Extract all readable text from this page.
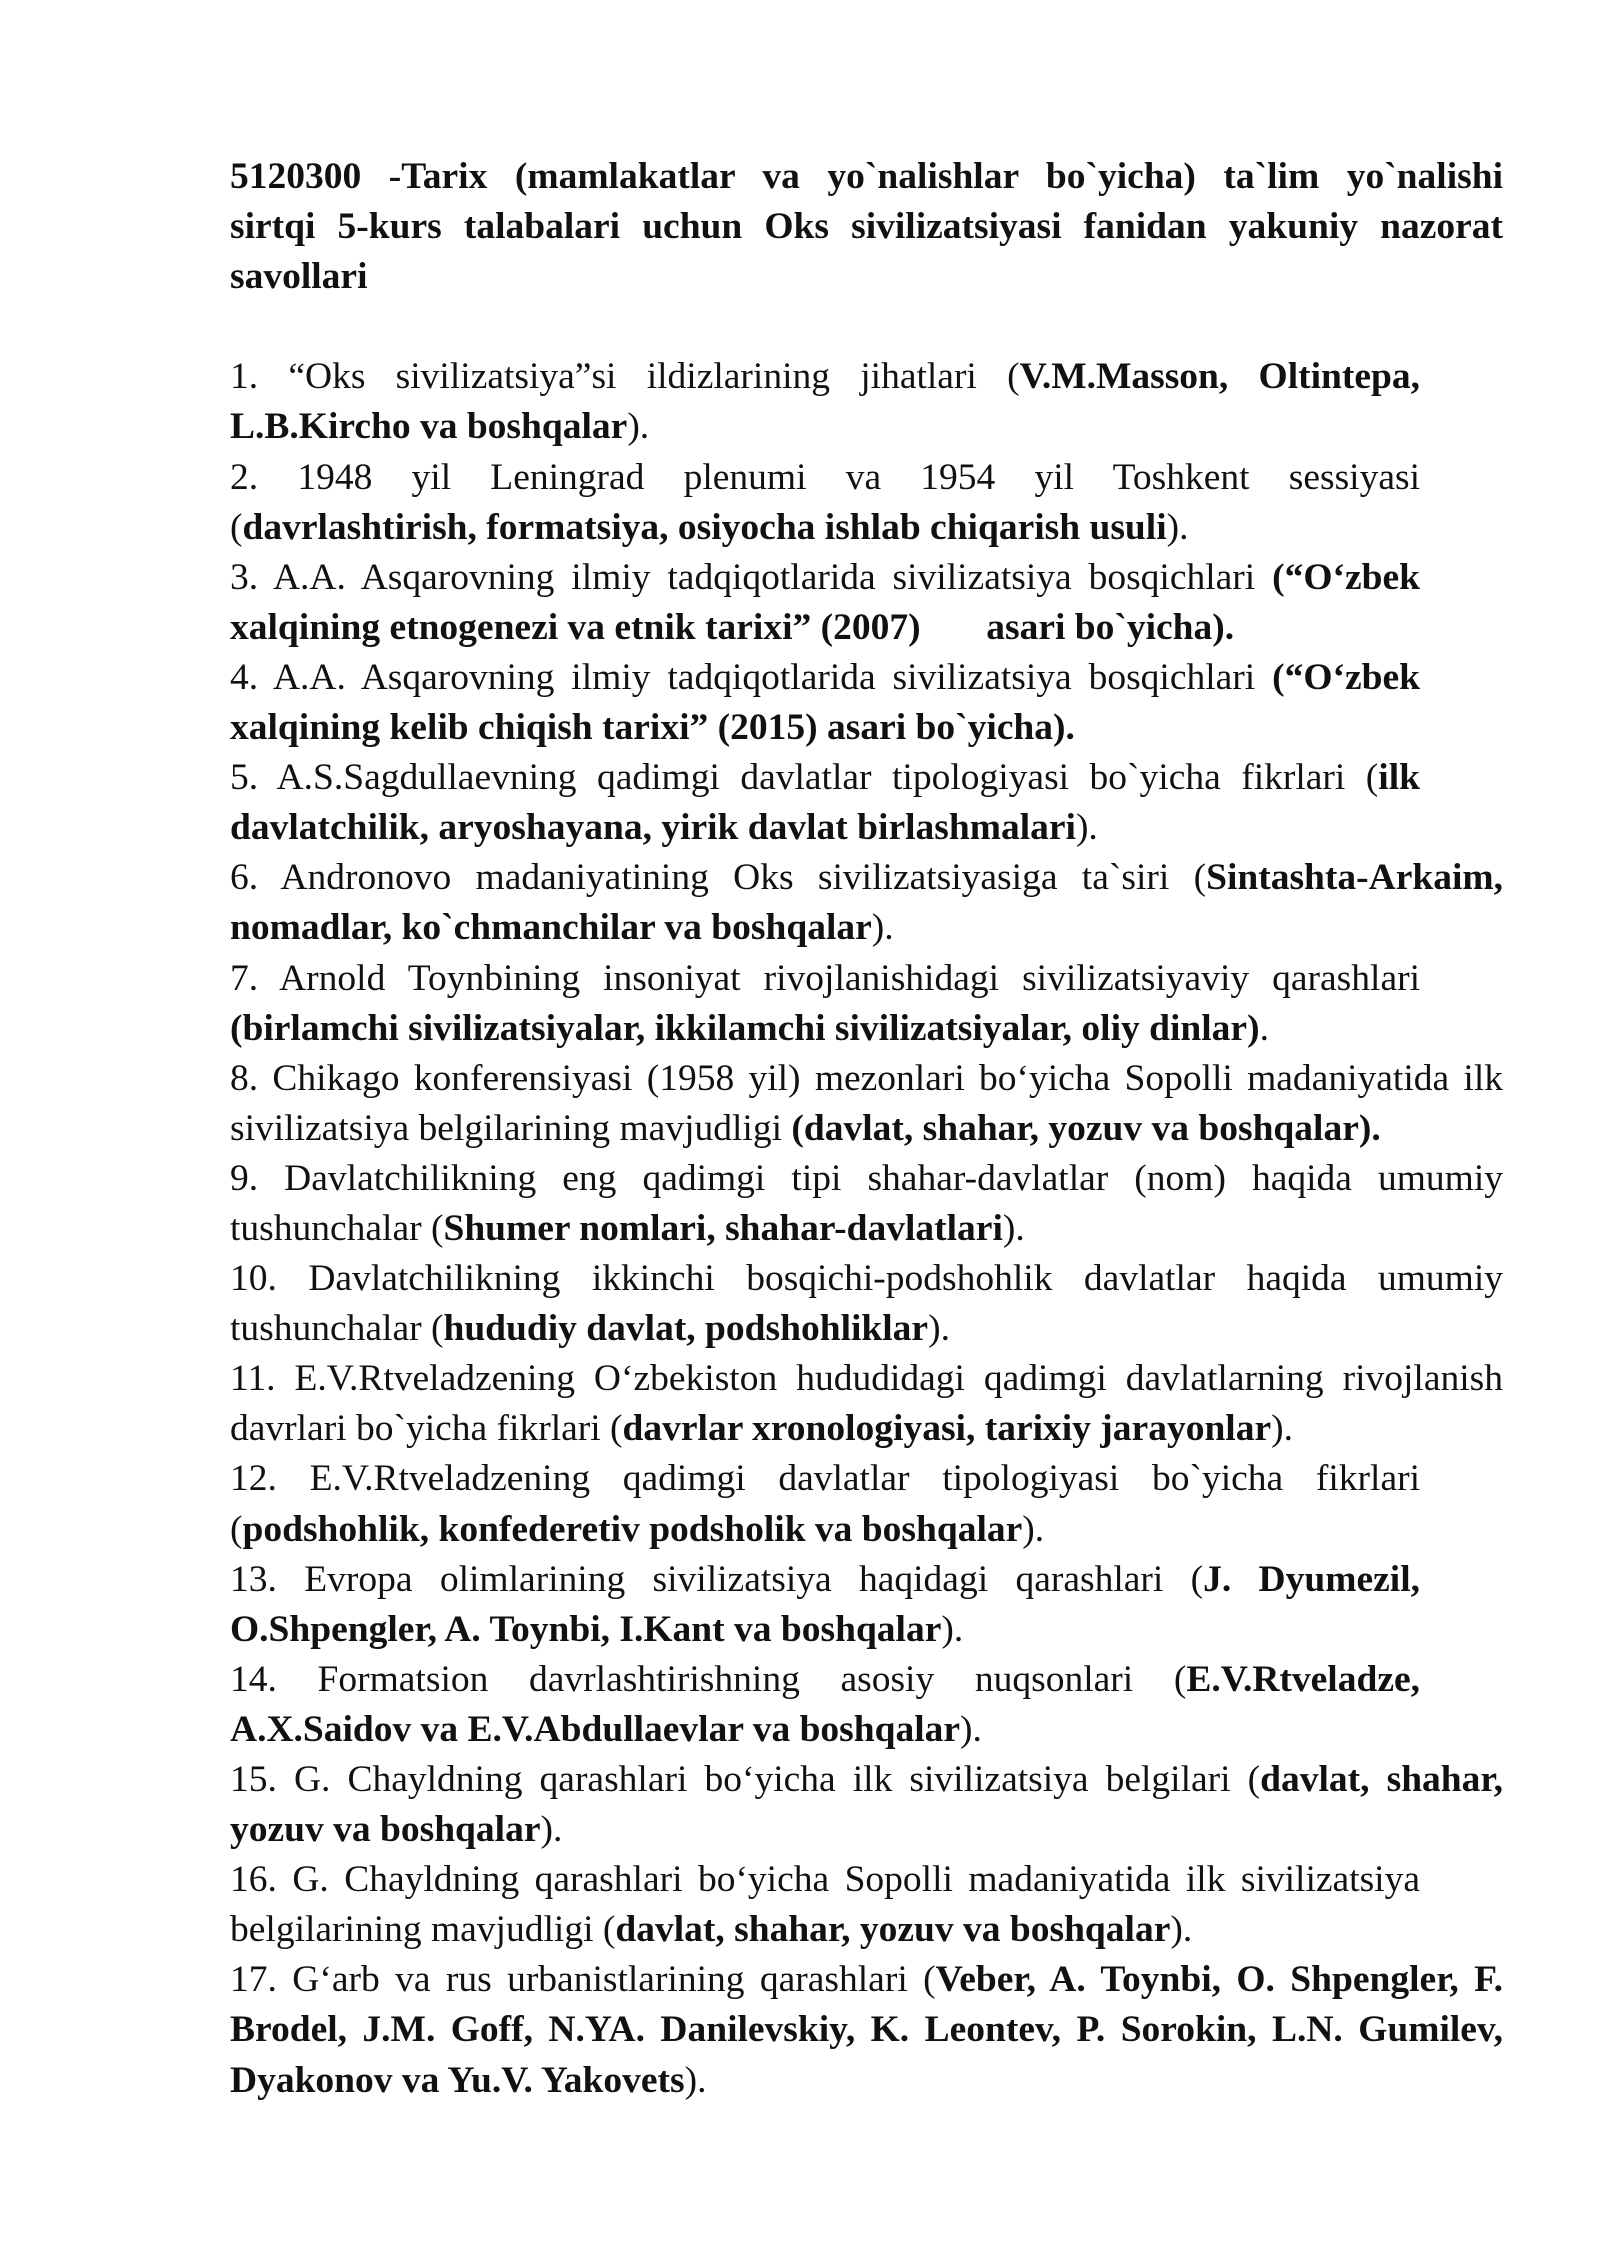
5120300 -Tarix (mamlakatlar va yo`nalishlar bo`yicha) ta`lim yo`nalishi
sirtqi 5-kurs talabalari uchun Oks sivilizatsiyasi fanidan yakuniy nazorat
savollari

1. “Oks sivilizatsiya”si ildizlarining jihatlari (V.M.Masson, Oltintepa,
L.B.Kircho va boshqalar).

2. 1948 yil Leningrad plenumi va 1954 yil Toshkent sessiyasi
(davrlashtirish, formatsiya, osiyocha ishlab chiqarish usuli).

3. A.A. Asqarovning ilmiy tadqiqotlarida sivilizatsiya bosqichlari (“O‘zbek
xalqining etnogenezi va etnik tarixi” (2007)       asari bo`yicha).

4. A.A. Asqarovning ilmiy tadqiqotlarida sivilizatsiya bosqichlari (“O‘zbek
xalqining kelib chiqish tarixi” (2015) asari bo`yicha).

5. A.S.Sagdullaevning qadimgi davlatlar tipologiyasi bo`yicha fikrlari (ilk
davlatchilik, aryoshayana, yirik davlat birlashmalari).

6. Andronovo madaniyatining Oks sivilizatsiyasiga ta`siri (Sintashta-Arkaim,
nomadlar, ko`chmanchilar va boshqalar).

7. Arnold Toynbining insoniyat rivojlanishidagi sivilizatsiyaviy qarashlari
(birlamchi sivilizatsiyalar, ikkilamchi sivilizatsiyalar, oliy dinlar).

8. Chikago konferensiyasi (1958 yil) mezonlari bo‘yicha Sopolli madaniyatida ilk
sivilizatsiya belgilarining mavjudligi (davlat, shahar, yozuv va boshqalar).

9. Davlatchilikning eng qadimgi tipi shahar-davlatlar (nom) haqida umumiy
tushunchalar (Shumer nomlari, shahar-davlatlari).

10. Davlatchilikning ikkinchi bosqichi-podshohlik davlatlar haqida umumiy
tushunchalar (hududiy davlat, podshohliklar).

11. E.V.Rtveladzening O‘zbekiston hududidagi qadimgi davlatlarning rivojlanish
davrlari bo`yicha fikrlari (davrlar xronologiyasi, tarixiy jarayonlar).

12. E.V.Rtveladzening qadimgi davlatlar tipologiyasi bo`yicha fikrlari
(podshohlik, konfederetiv podsholik va boshqalar).

13. Evropa olimlarining sivilizatsiya haqidagi qarashlari (J. Dyumezil,
O.Shpengler, A. Toynbi, I.Kant va boshqalar).

14. Formatsion davrlashtirishning asosiy nuqsonlari (E.V.Rtveladze,
A.X.Saidov va E.V.Abdullaevlar va boshqalar).

15. G. Chayldning qarashlari bo‘yicha ilk sivilizatsiya belgilari (davlat, shahar,
yozuv va boshqalar).

16. G. Chayldning qarashlari bo‘yicha Sopolli madaniyatida ilk sivilizatsiya
belgilarining mavjudligi (davlat, shahar, yozuv va boshqalar).

17. G‘arb va rus urbanistlarining qarashlari (Veber, A. Toynbi, O. Shpengler, F.
Brodel, J.M. Goff, N.YA. Danilevskiy, K. Leontev, P. Sorokin, L.N. Gumilev,
Dyakonov va Yu.V. Yakovets).
